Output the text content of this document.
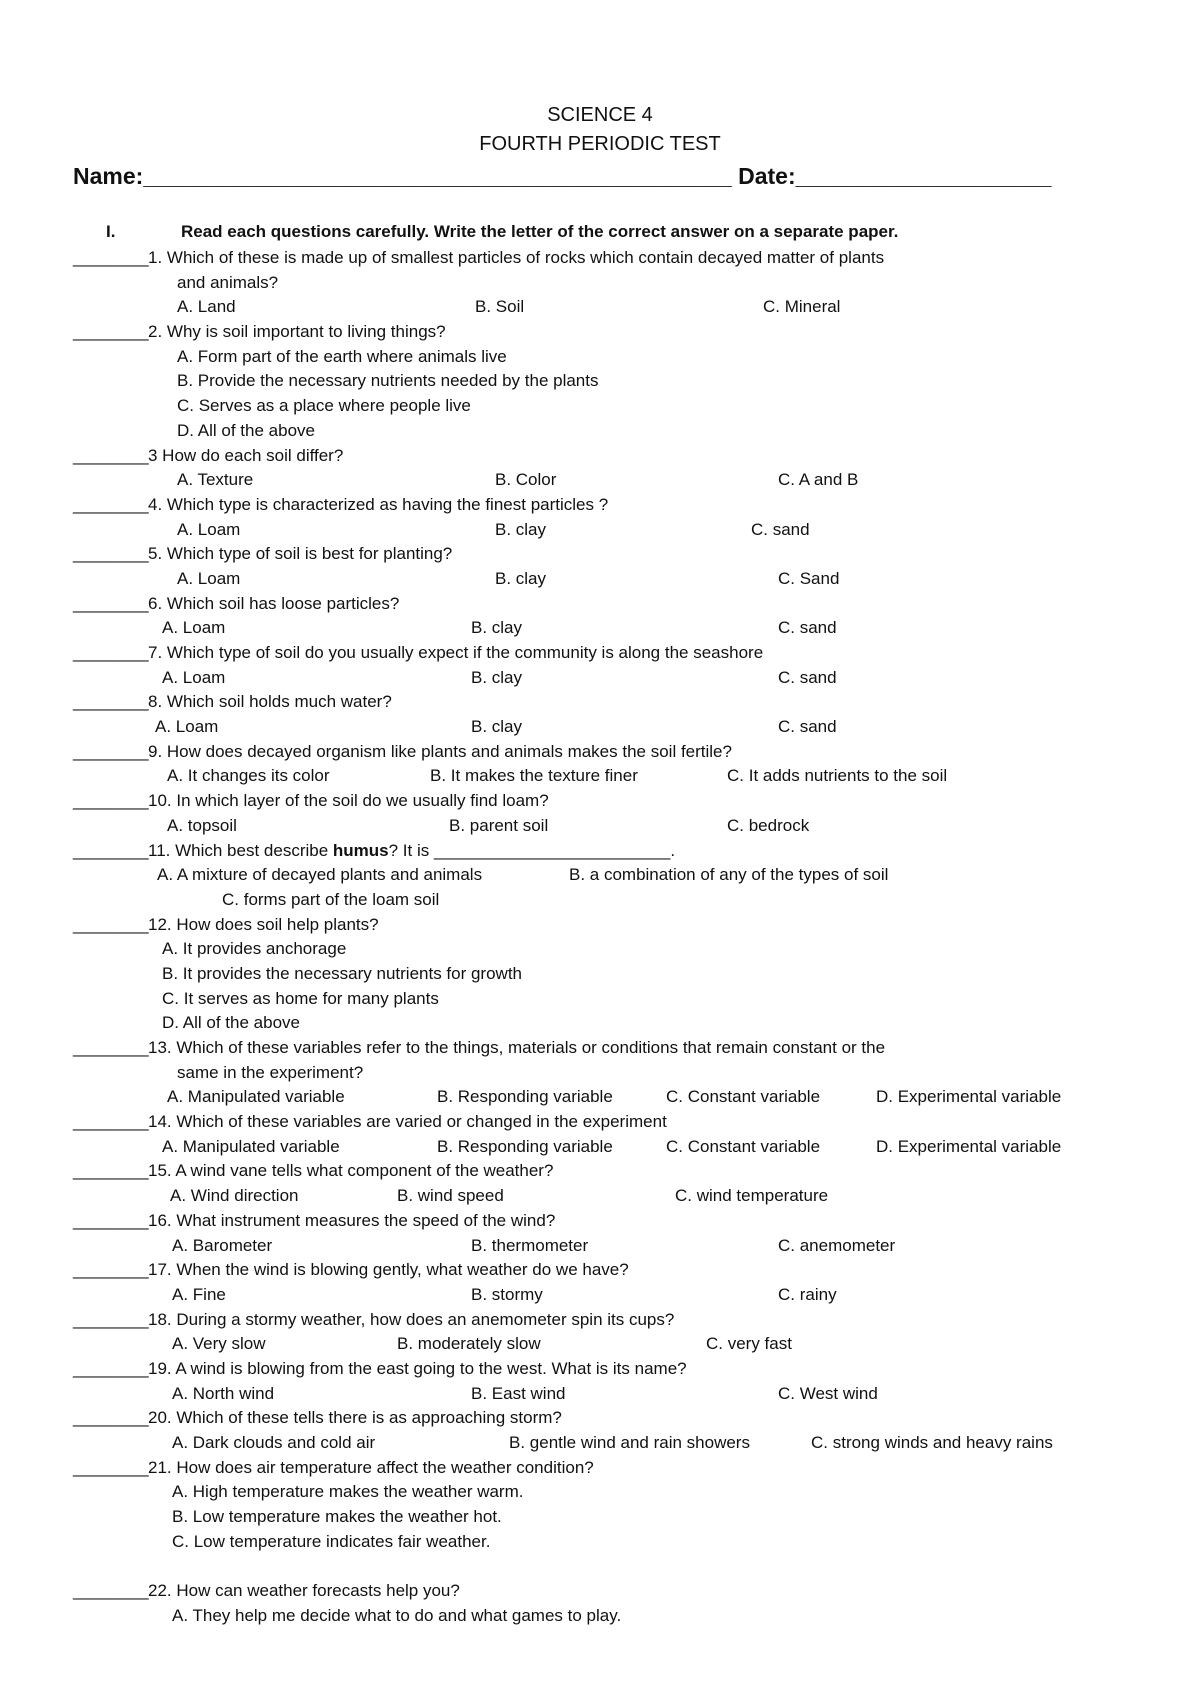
SCIENCE 4
FOURTH PERIODIC TEST
Name:______________________________________________ Date:____________________
I.	Read each questions carefully. Write the letter of the correct answer on a separate paper.
________ 1. Which of these is made up of smallest particles of rocks which contain decayed matter of plants
and animals?
A. Land	B. Soil	C. Mineral
________ 2. Why is soil important to living things?
A. Form part of the earth where animals live
B. Provide the necessary nutrients needed by the plants
C. Serves as a place where people live
D. All of the above
________ 3 How do each soil differ?
A. Texture	B. Color	C. A and B
________ 4. Which type is characterized as having the finest particles ?
A. Loam	B. clay	C. sand
________ 5. Which type of soil is best for planting?
A. Loam	B. clay	C. Sand
________ 6. Which soil has loose particles?
A. Loam	B. clay	C. sand
________ 7. Which type of soil do you usually expect if the community is along the seashore
A. Loam	B. clay	C. sand
________ 8. Which soil holds much water?
A. Loam	B. clay	C. sand
________ 9. How does decayed organism like plants and animals makes the soil fertile?
A. It changes its color	B. It makes the texture finer	C. It adds nutrients to the soil
________ 10. In which layer of the soil do we usually find loam?
A. topsoil	B. parent soil	C. bedrock
________ 11. Which best describe humus? It is _________________________.
A. A mixture of decayed plants and animals	B. a combination of any of the types of soil
C. forms part of the loam soil
________ 12. How does soil help plants?
A. It provides anchorage
B. It provides the necessary nutrients for growth
C. It serves as home for many plants
D. All of the above
________ 13. Which of these variables refer to the things, materials or conditions that remain constant or the
same in the experiment?
A. Manipulated variable	B. Responding variable	C. Constant variable	D. Experimental variable
________ 14. Which of these variables are varied or changed in the experiment
A. Manipulated variable	B. Responding variable	C. Constant variable	D. Experimental variable
________ 15. A wind vane tells what component of the weather?
A. Wind direction	B. wind speed	C. wind temperature
________ 16. What instrument measures the speed of the wind?
A. Barometer	B. thermometer	C. anemometer
________ 17. When the wind is blowing gently, what weather do we have?
A. Fine	B. stormy	C. rainy
________ 18. During a stormy weather, how does an anemometer spin its cups?
A. Very slow	B. moderately slow	C. very fast
________ 19. A wind is blowing from the east going to the west. What is its name?
A. North wind	B. East wind	C. West wind
________ 20. Which of these tells there is as approaching storm?
A. Dark clouds and cold air	B. gentle wind and rain showers	C. strong winds and heavy rains
________ 21. How does air temperature affect the weather condition?
A. High temperature makes the weather warm.
B. Low temperature makes the weather hot.
C. Low temperature indicates fair weather.
________ 22. How can weather forecasts help you?
A. They help me decide what to do and what games to play.
